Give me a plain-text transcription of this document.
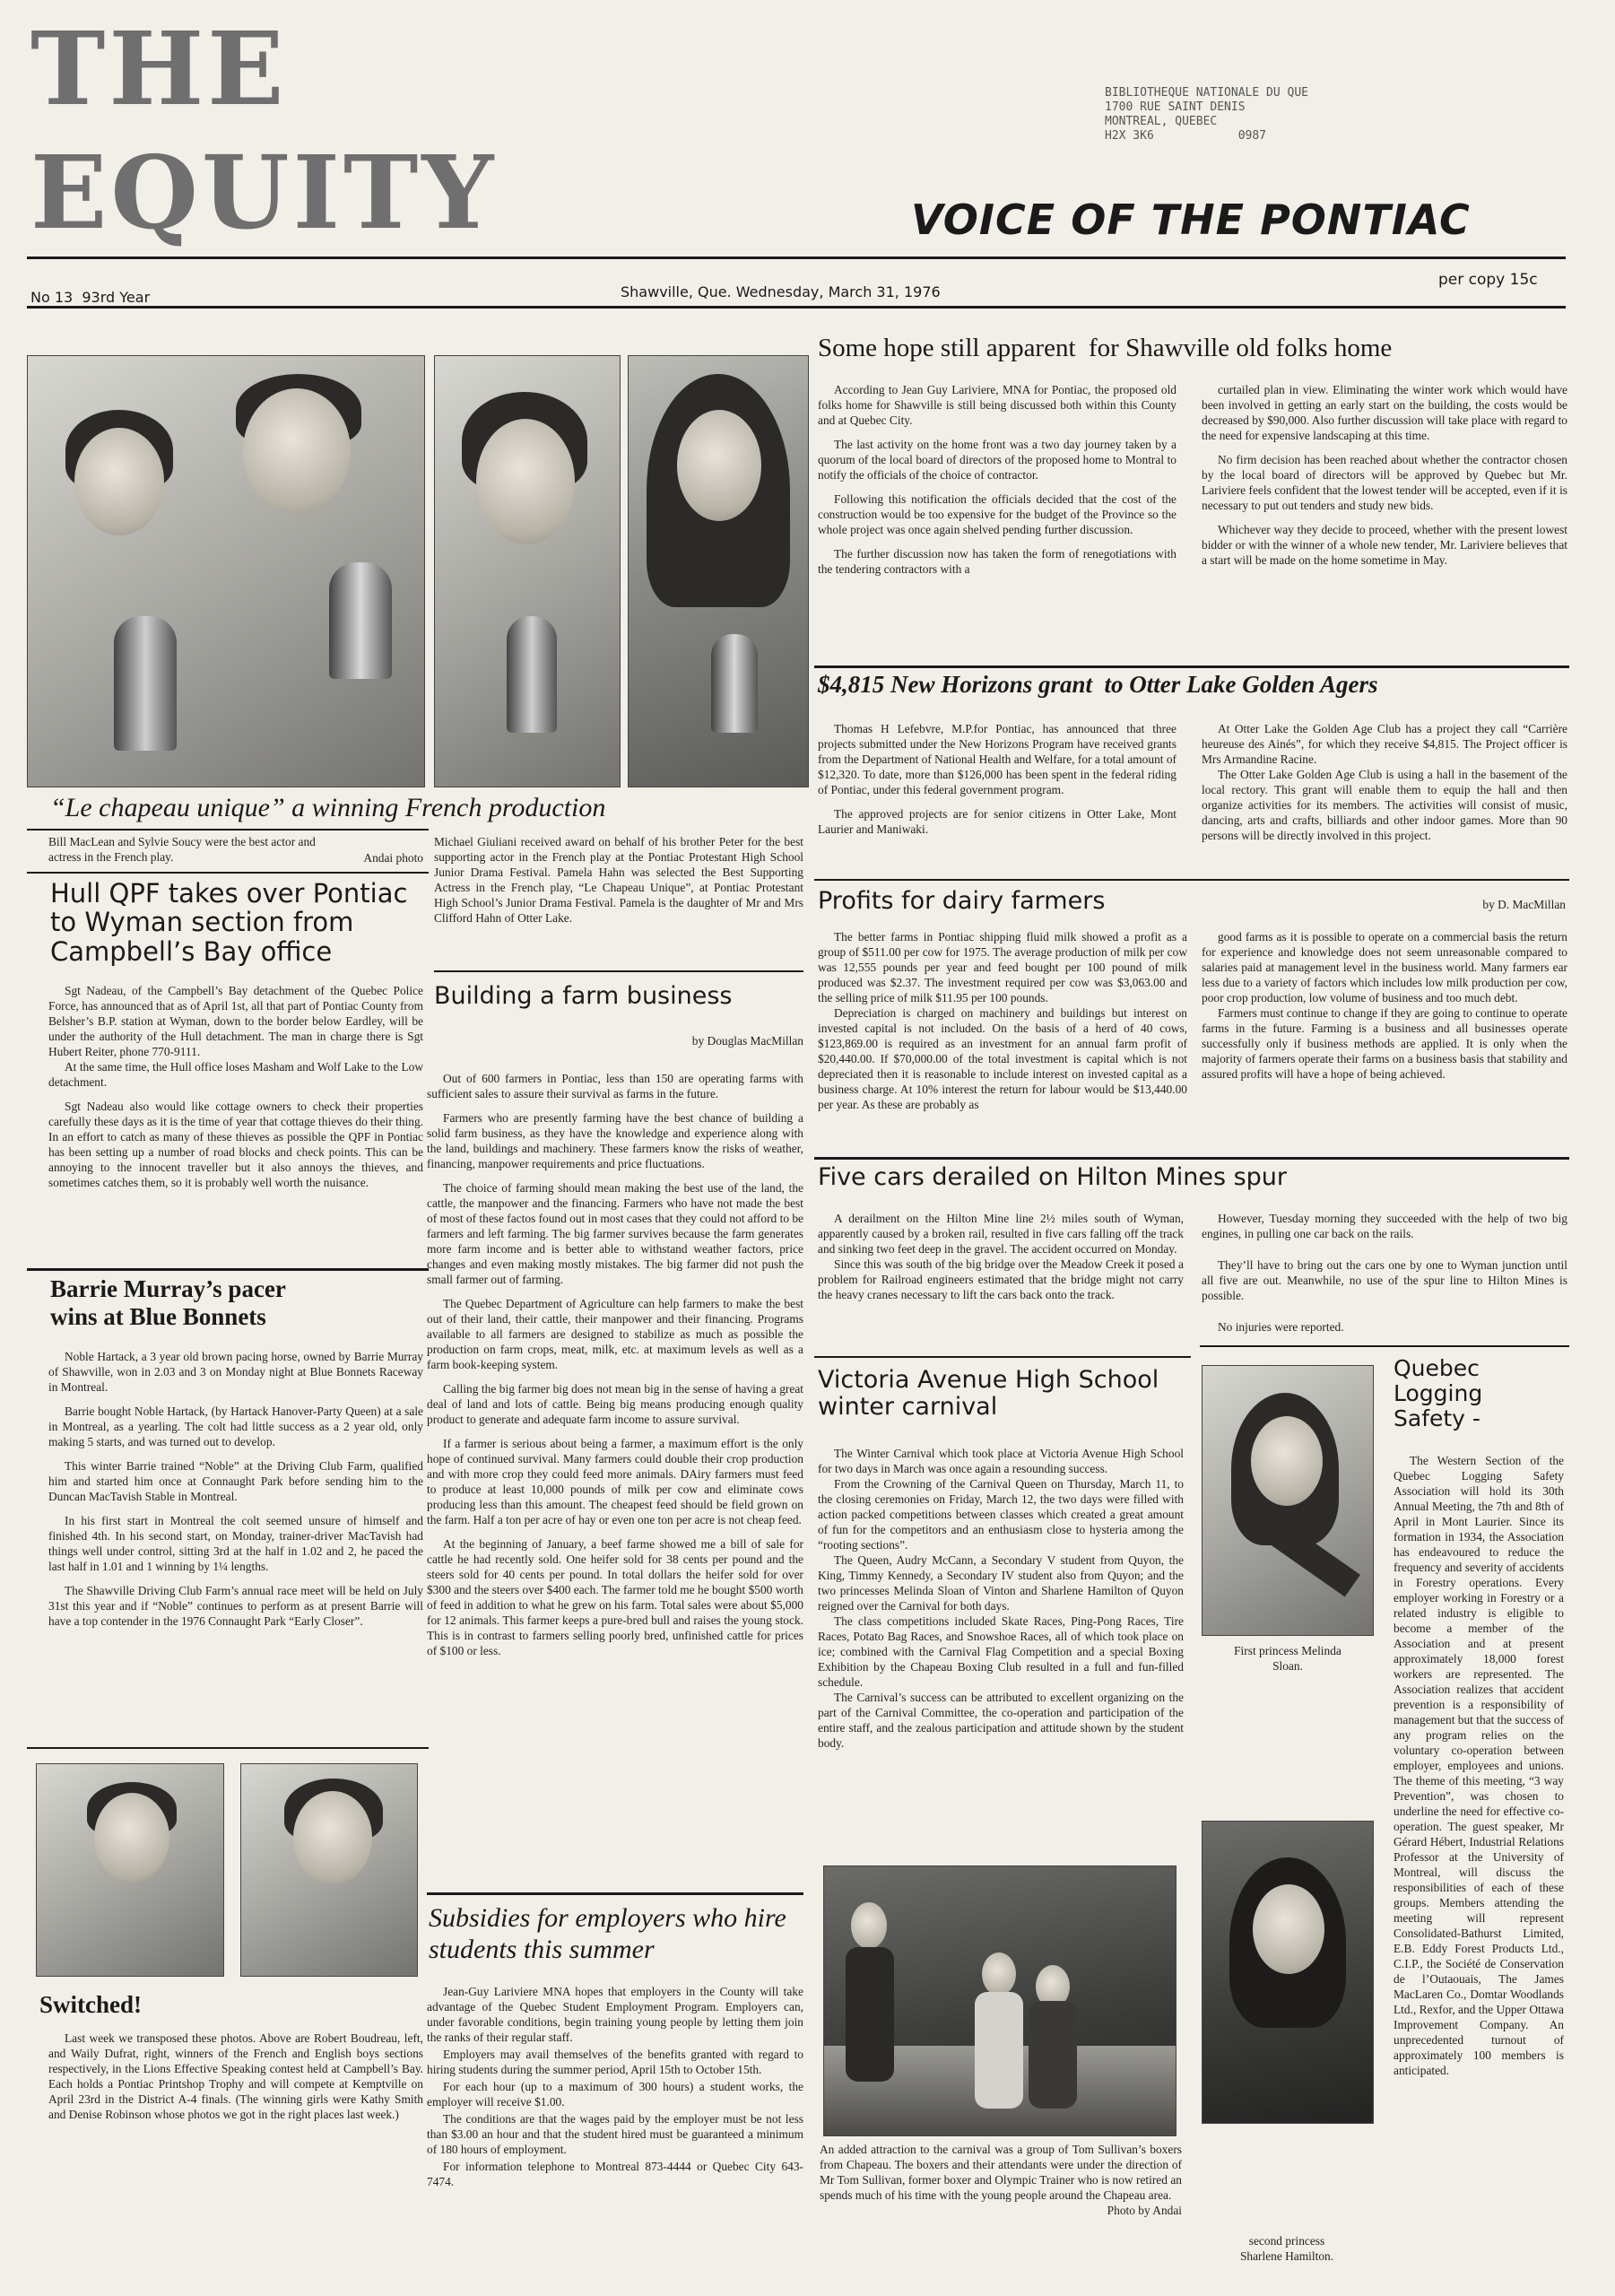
THE
EQUITY
BIBLIOTHEQUE NATIONALE DU QUE
1700 RUE SAINT DENIS
MONTREAL, QUEBEC
H2X 3K6            0987
VOICE OF THE PONTIAC
No 13  93rd Year	Shawville, Que. Wednesday, March 31, 1976
per copy 15c
“Le chapeau unique” a winning French production
Bill MacLean and Sylvie Soucy were the best actor and actress in the French play.	Andai photo
Michael Giuliani received award on behalf of his brother Peter for the best supporting actor in the French play at the Pontiac Protestant High School Junior Drama Festival. Pamela Hahn was selected the Best Supporting Actress in the French play, “Le Chapeau Unique”, at Pontiac Protestant High School’s Junior Drama Festival. Pamela is the daughter of Mr and Mrs Clifford Hahn of Otter Lake.
Hull QPF takes over Pontiac to Wyman section from Campbell’s Bay office

Sgt Nadeau, of the Campbell’s Bay detachment of the Quebec Police Force, has announced that as of April 1st, all that part of Pontiac County from Belsher’s B.P. station at Wyman, down to the border below Eardley, will be under the authority of the Hull detachment. The man in charge there is Sgt Hubert Reiter, phone 770-9111.

At the same time, the Hull office loses Masham and Wolf Lake to the Low detachment.

Sgt Nadeau also would like cottage owners to check their properties carefully these days as it is the time of year that cottage thieves do their thing. In an effort to catch as many of these thieves as possible the QPF in Pontiac has been setting up a number of road blocks and check points. This can be annoying to the innocent traveller but it also annoys the thieves, and sometimes catches them, so it is probably well worth the nuisance.

Barrie Murray’s pacer wins at Blue Bonnets

Noble Hartack, a 3 year old brown pacing horse, owned by Barrie Murray of Shawville, won in 2.03 and 3 on Monday night at Blue Bonnets Raceway in Montreal.

Barrie bought Noble Hartack, (by Hartack Hanover-Party Queen) at a sale in Montreal, as a yearling. The colt had little success as a 2 year old, only making 5 starts, and was turned out to develop.

This winter Barrie trained “Noble” at the Driving Club Farm, qualified him and started him once at Connaught Park before sending him to the Duncan MacTavish Stable in Montreal.

In his first start in Montreal the colt seemed unsure of himself and finished 4th. In his second start, on Monday, trainer-driver MacTavish had things well under control, sitting 3rd at the half in 1.02 and 2, he paced the last half in 1.01 and 1 winning by 1¼ lengths.

The Shawville Driving Club Farm’s annual race meet will be held on July 31st this year and if “Noble” continues to perform as at present Barrie will have a top contender in the 1976 Connaught Park “Early Closer”.

Switched!

Last week we transposed these photos. Above are Robert Boudreau, left, and Waily Dufrat, right, winners of the French and English boys sections respectively, in the Lions Effective Speaking contest held at Campbell’s Bay. Each holds a Pontiac Printshop Trophy and will compete at Kemptville on April 23rd in the District A-4 finals. (The winning girls were Kathy Smith and Denise Robinson whose photos we got in the right places last week.)

Building a farm business
by Douglas MacMillan

Out of 600 farmers in Pontiac, less than 150 are operating farms with sufficient sales to assure their survival as farms in the future.

Farmers who are presently farming have the best chance of building a solid farm business, as they have the knowledge and experience along with the land, buildings and machinery. These farmers know the risks of weather, financing, manpower requirements and price fluctuations.

The choice of farming should mean making the best use of the land, the cattle, the manpower and the financing. Farmers who have not made the best of most of these factos found out in most cases that they could not afford to be farmers and left farming. The big farmer survives because the farm generates more farm income and is better able to withstand weather factors, price changes and even making mostly mistakes. The big farmer did not push the small farmer out of farming.

The Quebec Department of Agriculture can help farmers to make the best out of their land, their cattle, their manpower and their financing. Programs available to all farmers are designed to stabilize as much as possible the production on farm crops, meat, milk, etc. at maximum levels as well as a farm book-keeping system.

Calling the big farmer big does not mean big in the sense of having a great deal of land and lots of cattle. Being big means producing enough quality product to generate and adequate farm income to assure survival.

If a farmer is serious about being a farmer, a maximum effort is the only hope of continued survival. Many farmers could double their crop production and with more crop they could feed more animals. DAiry farmers must feed to produce at least 10,000 pounds of milk per cow and eliminate cows producing less than this amount. The cheapest feed should be field grown on the farm. Half a ton per acre of hay or even one ton per acre is not cheap feed.

At the beginning of January, a beef farme showed me a bill of sale for cattle he had recently sold. One heifer sold for 38 cents per pound and the steers sold for 40 cents per pound. In total dollars the heifer sold for over $300 and the steers over $400 each. The farmer told me he bought $500 worth of feed in addition to what he grew on his farm. Total sales were about $5,000 for 12 animals. This farmer keeps a pure-bred bull and raises the young stock. This is in contrast to farmers selling poorly bred, unfinished cattle for prices of $100 or less.

Subsidies for employers who hire students this summer

Jean-Guy Lariviere MNA hopes that employers in the County will take advantage of the Quebec Student Employment Program. Employers can, under favorable conditions, begin training young people by letting them join the ranks of their regular staff.

Employers may avail themselves of the benefits granted with regard to hiring students during the summer period, April 15th to October 15th.

For each hour (up to a maximum of 300 hours) a student works, the employer will receive $1.00.

The conditions are that the wages paid by the employer must be not less than $3.00 an hour and that the student hired must be guaranteed a minimum of 180 hours of employment.

For information telephone to Montreal 873-4444 or Quebec City 643-7474.

Some hope still apparent  for Shawville old folks home

According to Jean Guy Lariviere, MNA for Pontiac, the proposed old folks home for Shawville is still being discussed both within this County and at Quebec City.

The last activity on the home front was a two day journey taken by a quorum of the local board of directors of the proposed home to Montral to notify the officials of the choice of contractor.

Following this notification the officials decided that the cost of the construction would be too expensive for the budget of the Province so the whole project was once again shelved pending further discussion.

The further discussion now has taken the form of renegotiations with the tendering contractors with a

curtailed plan in view. Eliminating the winter work which would have been involved in getting an early start on the building, the costs would be decreased by $90,000. Also further discussion will take place with regard to the need for expensive landscaping at this time.

No firm decision has been reached about whether the contractor chosen by the local board of directors will be approved by Quebec but Mr. Lariviere feels confident that the lowest tender will be accepted, even if it is necessary to put out tenders and study new bids.

Whichever way they decide to proceed, whether with the present lowest bidder or with the winner of a whole new tender, Mr. Lariviere believes that a start will be made on the home sometime in May.

$4,815 New Horizons grant  to Otter Lake Golden Agers

Thomas H Lefebvre, M.P.for Pontiac, has announced that three projects submitted under the New Horizons Program have received grants from the Department of National Health and Welfare, for a total amount of $12,320. To date, more than $126,000 has been spent in the federal riding of Pontiac, under this federal government program.

The approved projects are for senior citizens in Otter Lake, Mont Laurier and Maniwaki.

At Otter Lake the Golden Age Club has a project they call “Carrière heureuse des Ainés”, for which they receive $4,815. The Project officer is Mrs Armandine Racine.

The Otter Lake Golden Age Club is using a hall in the basement of the local rectory. This grant will enable them to equip the hall and then organize activities for its members. The activities will consist of music, dancing, arts and crafts, billiards and other indoor games. More than 90 persons will be directly involved in this project.

Profits for dairy farmers	by D. MacMillan

The better farms in Pontiac shipping fluid milk showed a profit as a group of $511.00 per cow for 1975. The average production of milk per cow was 12,555 pounds per year and feed bought per 100 pound of milk produced was $2.37. The investment required per cow was $3,063.00 and the selling price of milk $11.95 per 100 pounds.

Depreciation is charged on machinery and buildings but interest on invested capital is not included. On the basis of a herd of 40 cows, $123,869.00 is required as an investment for an annual farm profit of $20,440.00. If $70,000.00 of the total investment is capital which is not depreciated then it is reasonable to include interest on invested capital as a business charge. At 10% interest the return for labour would be $13,440.00 per year. As these are probably as

good farms as it is possible to operate on a commercial basis the return for experience and knowledge does not seem unreasonable compared to salaries paid at management level in the business world. Many farmers ear less due to a variety of factors which includes low milk production per cow, poor crop production, low volume of business and too much debt.

Farmers must continue to change if they are going to continue to operate farms in the future. Farming is a business and all businesses operate successfully only if business methods are applied. It is only when the majority of farmers operate their farms on a business basis that stability and assured profits will have a hope of being achieved.

Five cars derailed on Hilton Mines spur

A derailment on the Hilton Mine line 2½ miles south of Wyman, apparently caused by a broken rail, resulted in five cars falling off the track and sinking two feet deep in the gravel. The accident occurred on Monday.

Since this was south of the big bridge over the Meadow Creek it posed a problem for Railroad engineers estimated that the bridge might not carry the heavy cranes necessary to lift the cars back onto the track.

However, Tuesday morning they succeeded with the help of two big engines, in pulling one car back on the rails.

They’ll have to bring out the cars one by one to Wyman junction until all five are out. Meanwhile, no use of the spur line to Hilton Mines is possible.

No injuries were reported.

Victoria Avenue High School winter carnival

The Winter Carnival which took place at Victoria Avenue High School for two days in March was once again a resounding success.

From the Crowning of the Carnival Queen on Thursday, March 11, to the closing ceremonies on Friday, March 12, the two days were filled with action packed competitions between classes which created a great amount of fun for the competitors and an enthusiasm close to hysteria among the “rooting sections”.

The Queen, Audry McCann, a Secondary V student from Quyon, the King, Timmy Kennedy, a Secondary IV student also from Quyon; and the two princesses Melinda Sloan of Vinton and Sharlene Hamilton of Quyon reigned over the Carnival for both days.

The class competitions included Skate Races, Ping-Pong Races, Tire Races, Potato Bag Races, and Snowshoe Races, all of which took place on ice; combined with the Carnival Flag Competition and a special Boxing Exhibition by the Chapeau Boxing Club resulted in a full and fun-filled schedule.

The Carnival’s success can be attributed to excellent organizing on the part of the Carnival Committee, the co-operation and participation of the entire staff, and the zealous participation and attitude shown by the student body.

An added attraction to the carnival was a group of Tom Sullivan’s boxers from Chapeau. The boxers and their attendants were under the direction of Mr Tom Sullivan, former boxer and Olympic Trainer who is now retired an spends much of his time with the young people around the Chapeau area.
Photo by Andai
First princess Melinda Sloan.
second princess Sharlene Hamilton.
Quebec Logging Safety -

The Western Section of the Quebec Logging Safety Association will hold its 30th Annual Meeting, the 7th and 8th of April in Mont Laurier. Since its formation in 1934, the Association has endeavoured to reduce the frequency and severity of accidents in Forestry operations. Every employer working in Forestry or a related industry is eligible to become a member of the Association and at present approximately 18,000 forest workers are represented. The Association realizes that accident prevention is a responsibility of management but that the success of any program relies on the voluntary co-operation between employer, employees and unions. The theme of this meeting, “3 way Prevention”, was chosen to underline the need for effective co-operation. The guest speaker, Mr Gérard Hébert, Industrial Relations Professor at the University of Montreal, will discuss the responsibilities of each of these groups. Members attending the meeting will represent Consolidated-Bathurst Limited, E.B. Eddy Forest Products Ltd., C.I.P., the Société de Conservation de l’Outaouais, The James MacLaren Co., Domtar Woodlands Ltd., Rexfor, and the Upper Ottawa Improvement Company. An unprecedented turnout of approximately 100 members is anticipated.
